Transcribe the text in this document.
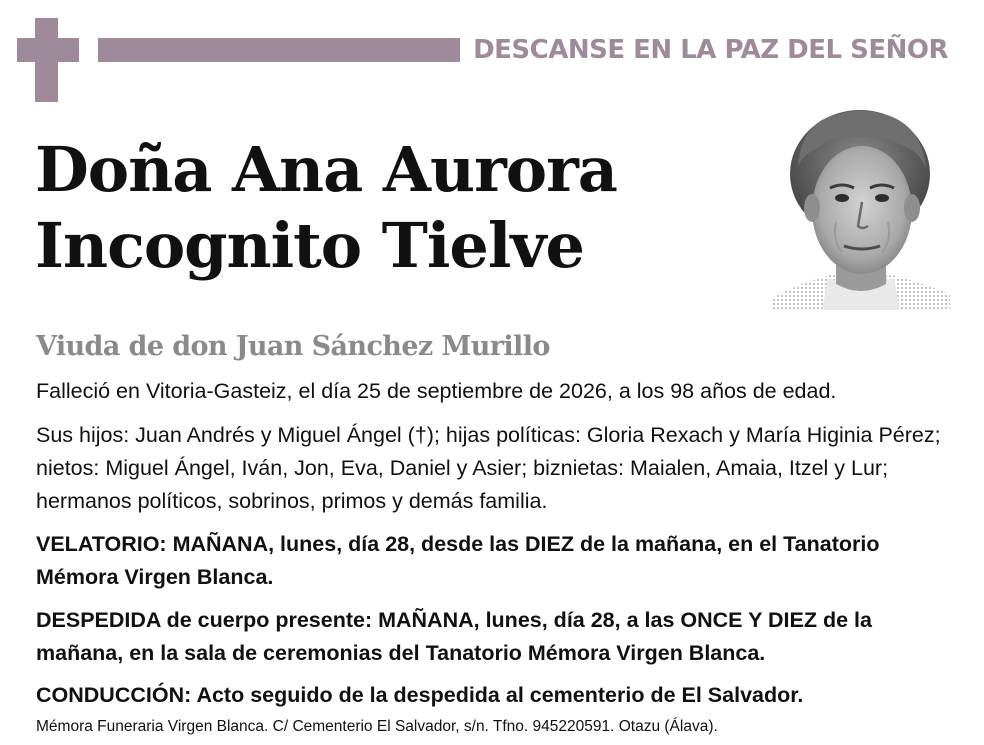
DESCANSE EN LA PAZ DEL SEÑOR
Doña Ana Aurora
Incognito Tielve
Viuda de don Juan Sánchez Murillo

Falleció en Vitoria-Gasteiz, el día 25 de septiembre de 2026, a los 98 años de edad.

Sus hijos: Juan Andrés y Miguel Ángel (†); hijas políticas: Gloria Rexach y María Higinia Pérez; nietos: Miguel Ángel, Iván, Jon, Eva, Daniel y Asier; biznietas: Maialen, Amaia, Itzel y Lur; hermanos políticos, sobrinos, primos y demás familia.

VELATORIO: MAÑANA, lunes, día 28, desde las DIEZ de la mañana, en el Tanatorio Mémora Virgen Blanca.

DESPEDIDA de cuerpo presente: MAÑANA, lunes, día 28, a las ONCE Y DIEZ de la mañana, en la sala de ceremonias del Tanatorio Mémora Virgen Blanca.

CONDUCCIÓN: Acto seguido de la despedida al cementerio de El Salvador.

Mémora Funeraria Virgen Blanca. C/ Cementerio El Salvador, s/n. Tfno. 945220591. Otazu (Álava).
